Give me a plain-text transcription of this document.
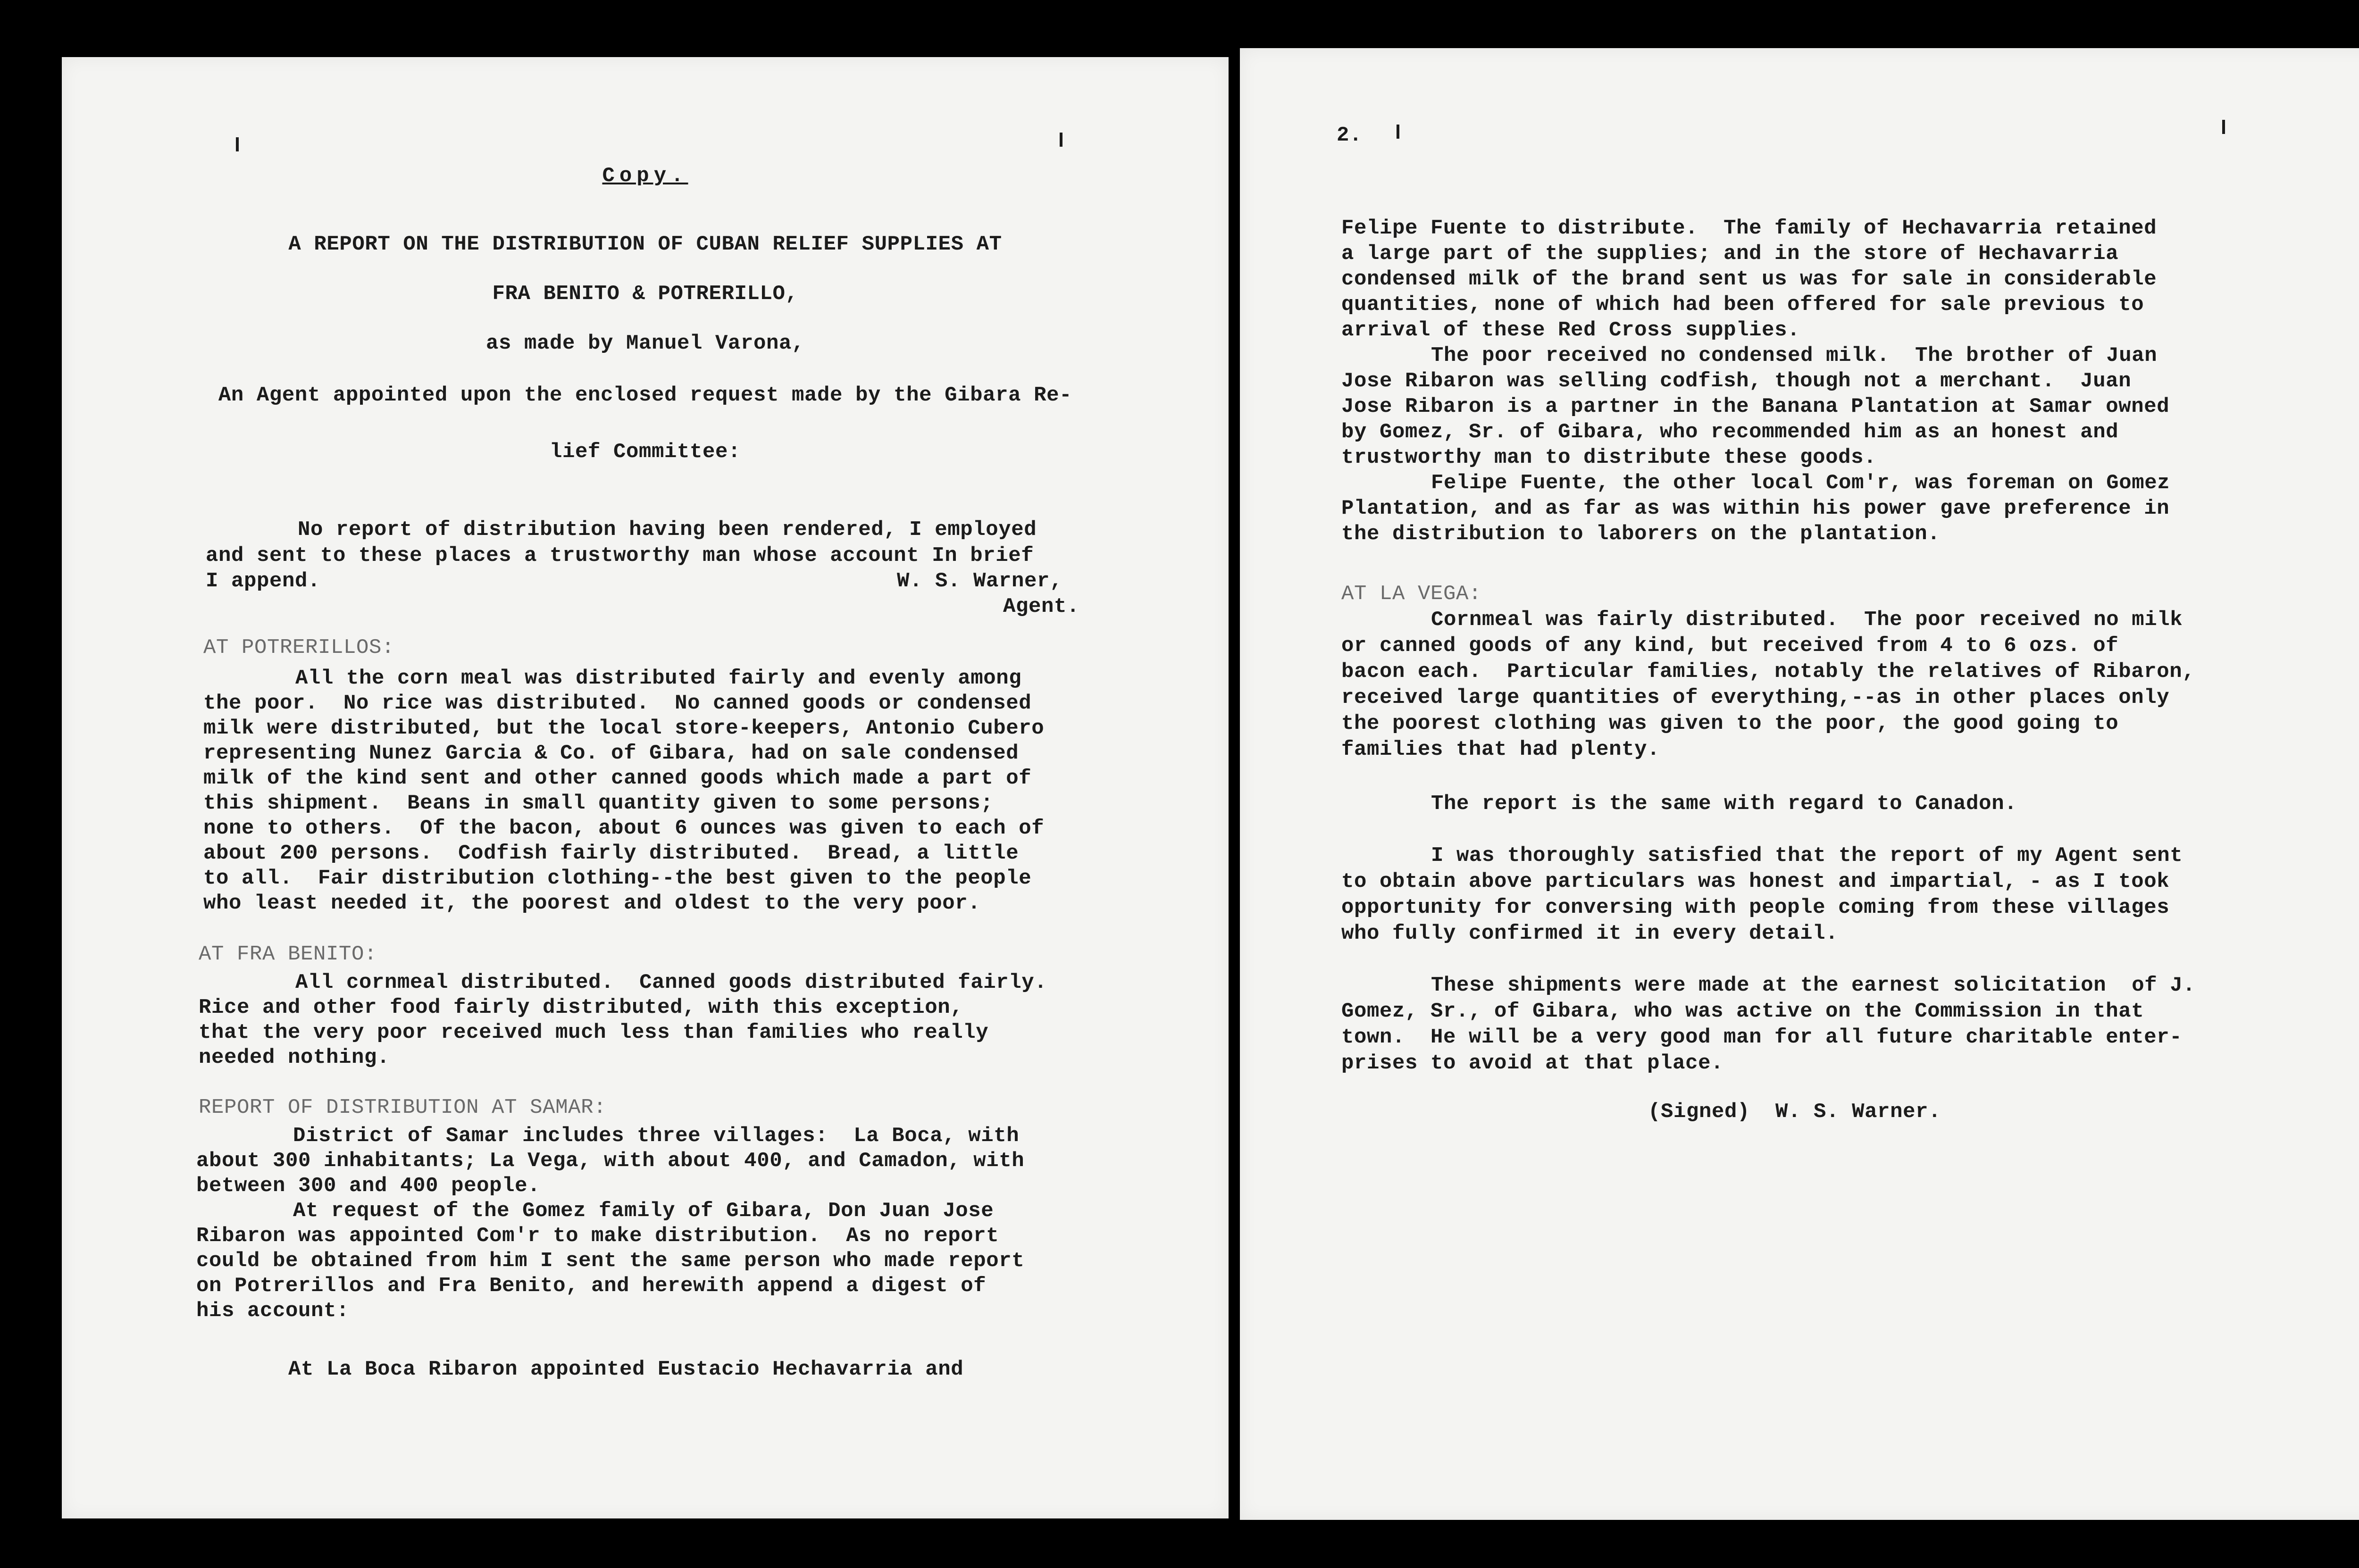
Copy.
A REPORT ON THE DISTRIBUTION OF CUBAN RELIEF SUPPLIES AT
FRA BENITO & POTRERILLO,
as made by Manuel Varona,
An Agent appointed upon the enclosed request made by the Gibara Re-
lief Committee:
No report of distribution having been rendered, I employed
and sent to these places a trustworthy man whose account In brief
I append.	W. S. Warner,
Agent.
AT POTRERILLOS:
All the corn meal was distributed fairly and evenly among
the poor.  No rice was distributed.  No canned goods or condensed
milk were distributed, but the local store-keepers, Antonio Cubero
representing Nunez Garcia & Co. of Gibara, had on sale condensed
milk of the kind sent and other canned goods which made a part of
this shipment.  Beans in small quantity given to some persons;
none to others.  Of the bacon, about 6 ounces was given to each of
about 200 persons.  Codfish fairly distributed.  Bread, a little
to all.  Fair distribution clothing--the best given to the people
who least needed it, the poorest and oldest to the very poor.
AT FRA BENITO:
All cornmeal distributed.  Canned goods distributed fairly.
Rice and other food fairly distributed, with this exception,
that the very poor received much less than families who really
needed nothing.
REPORT OF DISTRIBUTION AT SAMAR:
District of Samar includes three villages:  La Boca, with
about 300 inhabitants; La Vega, with about 400, and Camadon, with
between 300 and 400 people.
At request of the Gomez family of Gibara, Don Juan Jose
Ribaron was appointed Com'r to make distribution.  As no report
could be obtained from him I sent the same person who made report
on Potrerillos and Fra Benito, and herewith append a digest of
his account:
At La Boca Ribaron appointed Eustacio Hechavarria and
2.
Felipe Fuente to distribute.  The family of Hechavarria retained
a large part of the supplies; and in the store of Hechavarria
condensed milk of the brand sent us was for sale in considerable
quantities, none of which had been offered for sale previous to
arrival of these Red Cross supplies.
The poor received no condensed milk.  The brother of Juan
Jose Ribaron was selling codfish, though not a merchant.  Juan
Jose Ribaron is a partner in the Banana Plantation at Samar owned
by Gomez, Sr. of Gibara, who recommended him as an honest and
trustworthy man to distribute these goods.
Felipe Fuente, the other local Com'r, was foreman on Gomez
Plantation, and as far as was within his power gave preference in
the distribution to laborers on the plantation.
AT LA VEGA:
Cornmeal was fairly distributed.  The poor received no milk
or canned goods of any kind, but received from 4 to 6 ozs. of
bacon each.  Particular families, notably the relatives of Ribaron,
received large quantities of everything,--as in other places only
the poorest clothing was given to the poor, the good going to
families that had plenty.
The report is the same with regard to Canadon.
I was thoroughly satisfied that the report of my Agent sent
to obtain above particulars was honest and impartial, - as I took
opportunity for conversing with people coming from these villages
who fully confirmed it in every detail.
These shipments were made at the earnest solicitation  of J.
Gomez, Sr., of Gibara, who was active on the Commission in that
town.  He will be a very good man for all future charitable enter-
prises to avoid at that place.
(Signed)  W. S. Warner.
